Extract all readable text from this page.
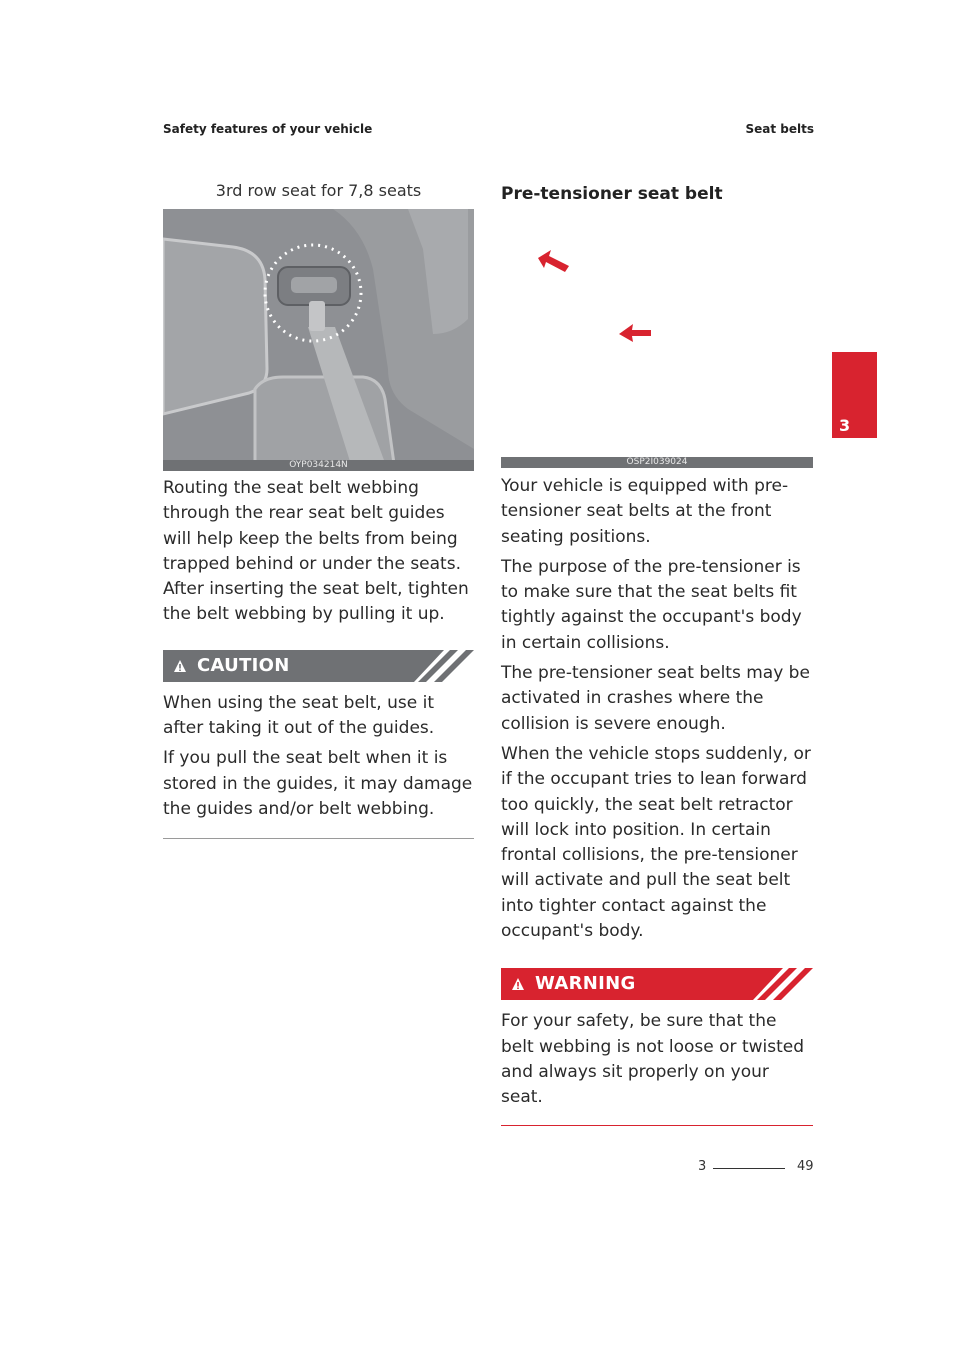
Safety features of your vehicle	Seat belts
3
3rd row seat for 7,8 seats
OYP034214N

Routing the seat belt webbing through the rear seat belt guides will help keep the belts from being trapped behind or under the seats. After inserting the seat belt, tighten the belt webbing by pulling it up.

CAUTION

When using the seat belt, use it after taking it out of the guides.

If you pull the seat belt when it is stored in the guides, it may damage the guides and/or belt webbing.

Pre-tensioner seat belt
OSP2I039024

Your vehicle is equipped with pre-tensioner seat belts at the front seating positions.

The purpose of the pre-tensioner is to make sure that the seat belts fit tightly against the occupant's body in certain collisions.

The pre-tensioner seat belts may be activated in crashes where the collision is severe enough.

When the vehicle stops suddenly, or if the occupant tries to lean forward too quickly, the seat belt retractor will lock into position. In certain frontal collisions, the pre-tensioner will activate and pull the seat belt into tighter contact against the occupant's body.

WARNING

For your safety, be sure that the belt webbing is not loose or twisted and always sit properly on your seat.

3	49
